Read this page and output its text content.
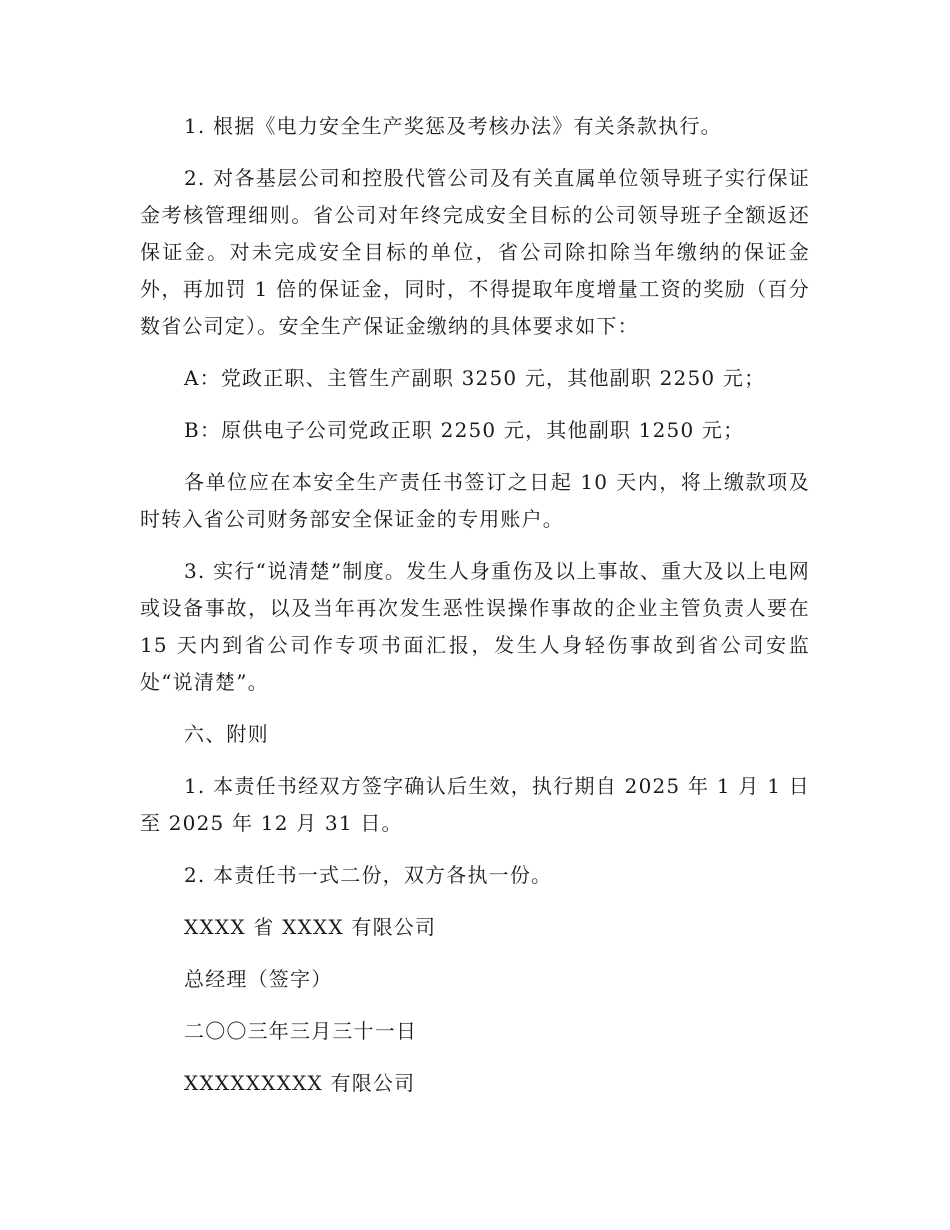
1. 根据《电力安全生产奖惩及考核办法》有关条款执行。

2. 对各基层公司和控股代管公司及有关直属单位领导班子实行保证金考核管理细则。省公司对年终完成安全目标的公司领导班子全额返还保证金。对未完成安全目标的单位，省公司除扣除当年缴纳的保证金外，再加罚 1 倍的保证金，同时，不得提取年度增量工资的奖励（百分数省公司定）。安全生产保证金缴纳的具体要求如下：

A：党政正职、主管生产副职 3250 元，其他副职 2250 元；

B：原供电子公司党政正职 2250 元，其他副职 1250 元；

各单位应在本安全生产责任书签订之日起 10 天内，将上缴款项及时转入省公司财务部安全保证金的专用账户。

3. 实行“说清楚”制度。发生人身重伤及以上事故、重大及以上电网或设备事故，以及当年再次发生恶性误操作事故的企业主管负责人要在 15 天内到省公司作专项书面汇报，发生人身轻伤事故到省公司安监处“说清楚”。

六、附则

1. 本责任书经双方签字确认后生效，执行期自 2025 年 1 月 1 日至 2025 年 12 月 31 日。

2. 本责任书一式二份，双方各执一份。

XXXX 省 XXXX 有限公司

总经理（签字）

二〇〇三年三月三十一日

XXXXXXXXX 有限公司
